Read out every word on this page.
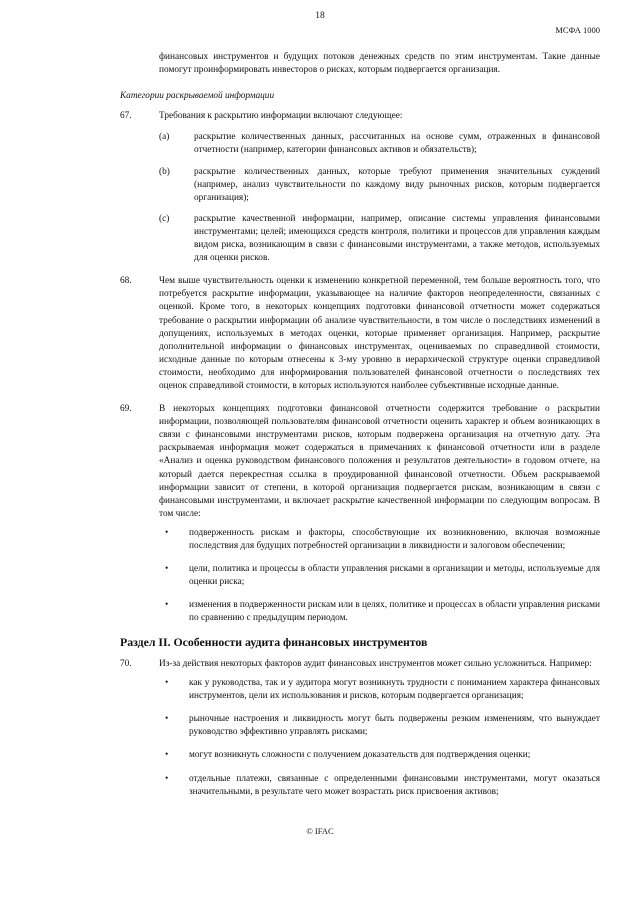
18
МСФА 1000

финансовых инструментов и будущих потоков денежных средств по этим инструментам. Такие данные помогут проинформировать инвесторов о рисках, которым подвергается организация.

Категории раскрываемой информации
67.	Требования к раскрытию информации включают следующее:

(a)	раскрытие количественных данных, рассчитанных на основе сумм, отраженных в финансовой отчетности (например, категории финансовых активов и обязательств);

(b)	раскрытие количественных данных, которые требуют применения значительных суждений (например, анализ чувствительности по каждому виду рыночных рисков, которым подвергается организация);

(c)	раскрытие качественной информации, например, описание системы управления финансовыми инструментами; целей; имеющихся средств контроля, политики и процессов для управления каждым видом риска, возникающим в связи с финансовыми инструментами, а также методов, используемых для оценки рисков.

68.	Чем выше чувствительность оценки к изменению конкретной переменной, тем больше вероятность того, что потребуется раскрытие информации, указывающее на наличие факторов неопределенности, связанных с оценкой. Кроме того, в некоторых концепциях подготовки финансовой отчетности может содержаться требование о раскрытии информации об анализе чувствительности, в том числе о последствиях изменений в допущениях, используемых в методах оценки, которые применяет организация. Например, раскрытие дополнительной информации о финансовых инструментах, оцениваемых по справедливой стоимости, исходные данные по которым отнесены к 3-му уровню в иерархической структуре оценки справедливой стоимости, необходимо для информирования пользователей финансовой отчетности о последствиях тех оценок справедливой стоимости, в которых используются наиболее субъективные исходные данные.

69.	В некоторых концепциях подготовки финансовой отчетности содержится требование о раскрытии информации, позволяющей пользователям финансовой отчетности оценить характер и объем возникающих в связи с финансовыми инструментами рисков, которым подвержена организация на отчетную дату. Эта раскрываемая информация может содержаться в примечаниях к финансовой отчетности или в разделе «Анализ и оценка руководством финансового положения и результатов деятельности» в годовом отчете, на который дается перекрестная ссылка в проудированной финансовой отчетности. Объем раскрываемой информации зависит от степени, в которой организация подвергается рискам, возникающим в связи с финансовыми инструментами, и включает раскрытие качественной информации по следующим вопросам. В том числе:

•	подверженность рискам и факторы, способствующие их возникновению, включая возможные последствия для будущих потребностей организации в ликвидности и залоговом обеспечении;

•	цели, политика и процессы в области управления рисками в организации и методы, используемые для оценки риска;

•	изменения в подверженности рискам или в целях, политике и процессах в области управления рисками по сравнению с предыдущим периодом.

Раздел II. Особенности аудита финансовых инструментов
70.	Из-за действия некоторых факторов аудит финансовых инструментов может сильно усложниться. Например:

•	как у руководства, так и у аудитора могут возникнуть трудности с пониманием характера финансовых инструментов, цели их использования и рисков, которым подвергается организация;

•	рыночные настроения и ликвидность могут быть подвержены резким изменениям, что вынуждает руководство эффективно управлять рисками;

•	могут возникнуть сложности с получением доказательств для подтверждения оценки;

•	отдельные платежи, связанные с определенными финансовыми инструментами, могут оказаться значительными, в результате чего может возрастать риск присвоения активов;

© IFAC
